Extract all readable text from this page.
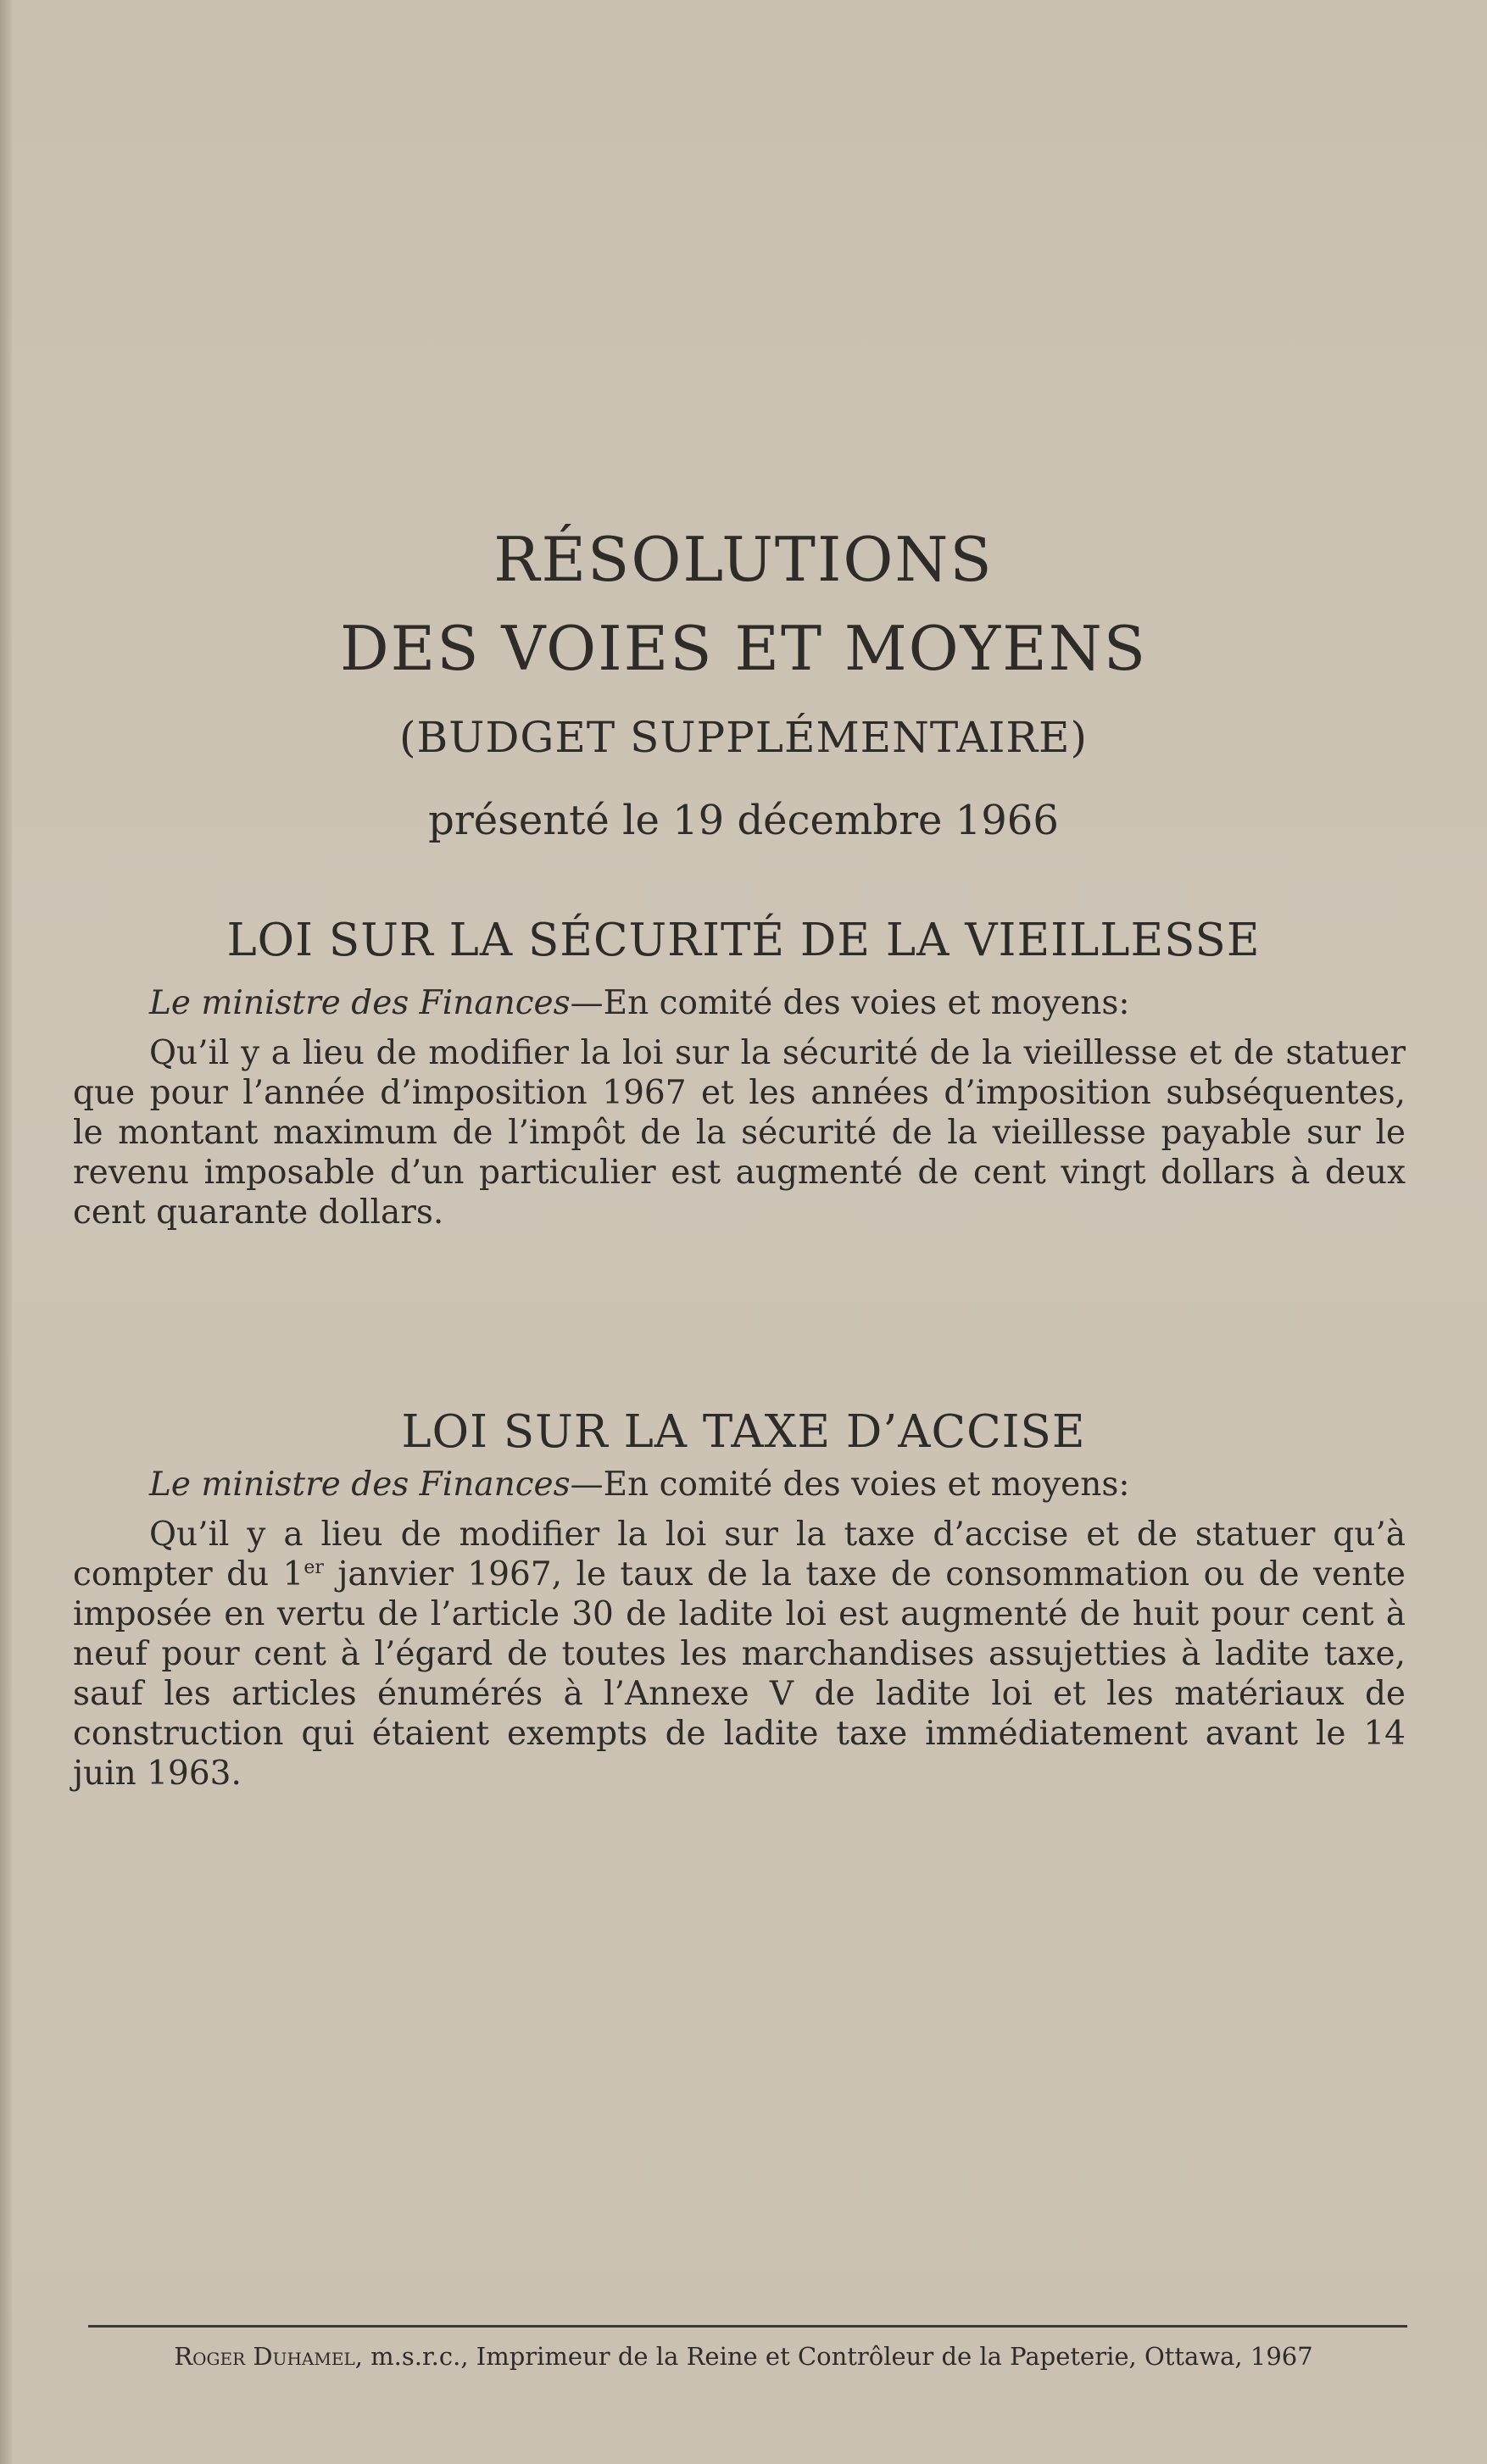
RÉSOLUTIONS
DES VOIES ET MOYENS
(BUDGET SUPPLÉMENTAIRE)
présenté le 19 décembre 1966
LOI SUR LA SÉCURITÉ DE LA VIEILLESSE

Le ministre des Finances—En comité des voies et moyens:

Qu’il y a lieu de modifier la loi sur la sécurité de la vieillesse et de statuer que pour l’année d’imposition 1967 et les années d’imposition subséquentes, le montant maximum de l’impôt de la sécurité de la vieillesse payable sur le revenu imposable d’un particulier est augmenté de cent vingt dollars à deux cent quarante dollars.

LOI SUR LA TAXE D’ACCISE

Le ministre des Finances—En comité des voies et moyens:

Qu’il y a lieu de modifier la loi sur la taxe d’accise et de statuer qu’à compter du 1er janvier 1967, le taux de la taxe de consommation ou de vente imposée en vertu de l’article 30 de ladite loi est augmenté de huit pour cent à neuf pour cent à l’égard de toutes les marchandises assujetties à ladite taxe, sauf les articles énumérés à l’Annexe V de ladite loi et les matériaux de construction qui étaient exempts de ladite taxe immédiatement avant le 14 juin 1963.

Roger Duhamel, m.s.r.c., Imprimeur de la Reine et Contrôleur de la Papeterie, Ottawa, 1967
